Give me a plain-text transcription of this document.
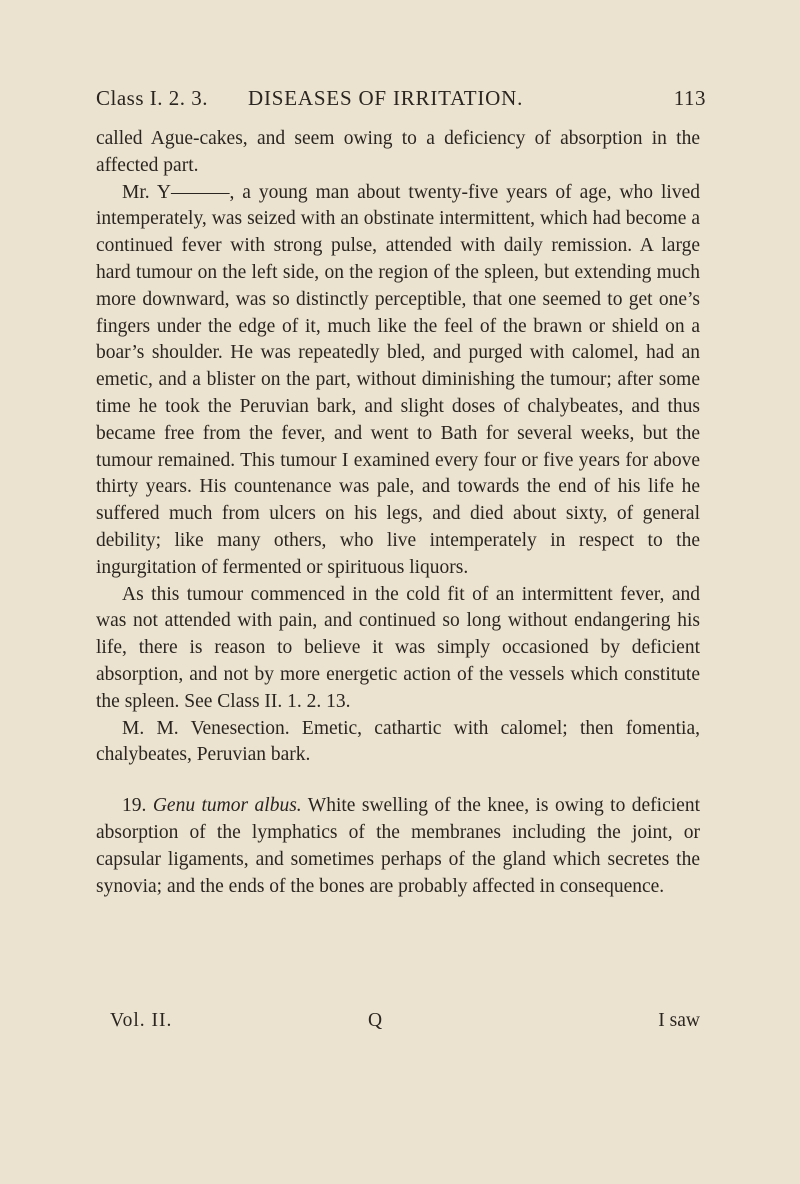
Class I. 2. 3. DISEASES OF IRRITATION.	113

called Ague-cakes, and seem owing to a deficiency of absorption in the affected part.

Mr. Y———, a young man about twenty-five years of age, who lived intemperately, was seized with an obstinate intermittent, which had become a continued fever with strong pulse, attended with daily remission. A large hard tumour on the left side, on the region of the spleen, but extending much more downward, was so distinctly perceptible, that one seemed to get one’s fingers under the edge of it, much like the feel of the brawn or shield on a boar’s shoulder. He was repeatedly bled, and purged with calomel, had an emetic, and a blister on the part, without diminishing the tumour; after some time he took the Peruvian bark, and slight doses of chalybeates, and thus became free from the fever, and went to Bath for several weeks, but the tumour remained. This tumour I examined every four or five years for above thirty years. His countenance was pale, and towards the end of his life he suffered much from ulcers on his legs, and died about sixty, of general debility; like many others, who live intemperately in respect to the ingurgitation of fermented or spirituous liquors.

As this tumour commenced in the cold fit of an intermittent fever, and was not attended with pain, and continued so long without endangering his life, there is reason to believe it was simply occasioned by deficient absorption, and not by more energetic action of the vessels which constitute the spleen. See Class II. 1. 2. 13.

M. M. Venesection. Emetic, cathartic with calomel; then fomentia, chalybeates, Peruvian bark.

19. Genu tumor albus. White swelling of the knee, is owing to deficient absorption of the lymphatics of the membranes including the joint, or capsular ligaments, and sometimes perhaps of the gland which secretes the synovia; and the ends of the bones are probably affected in consequence.

Vol. II.	Q	I saw
